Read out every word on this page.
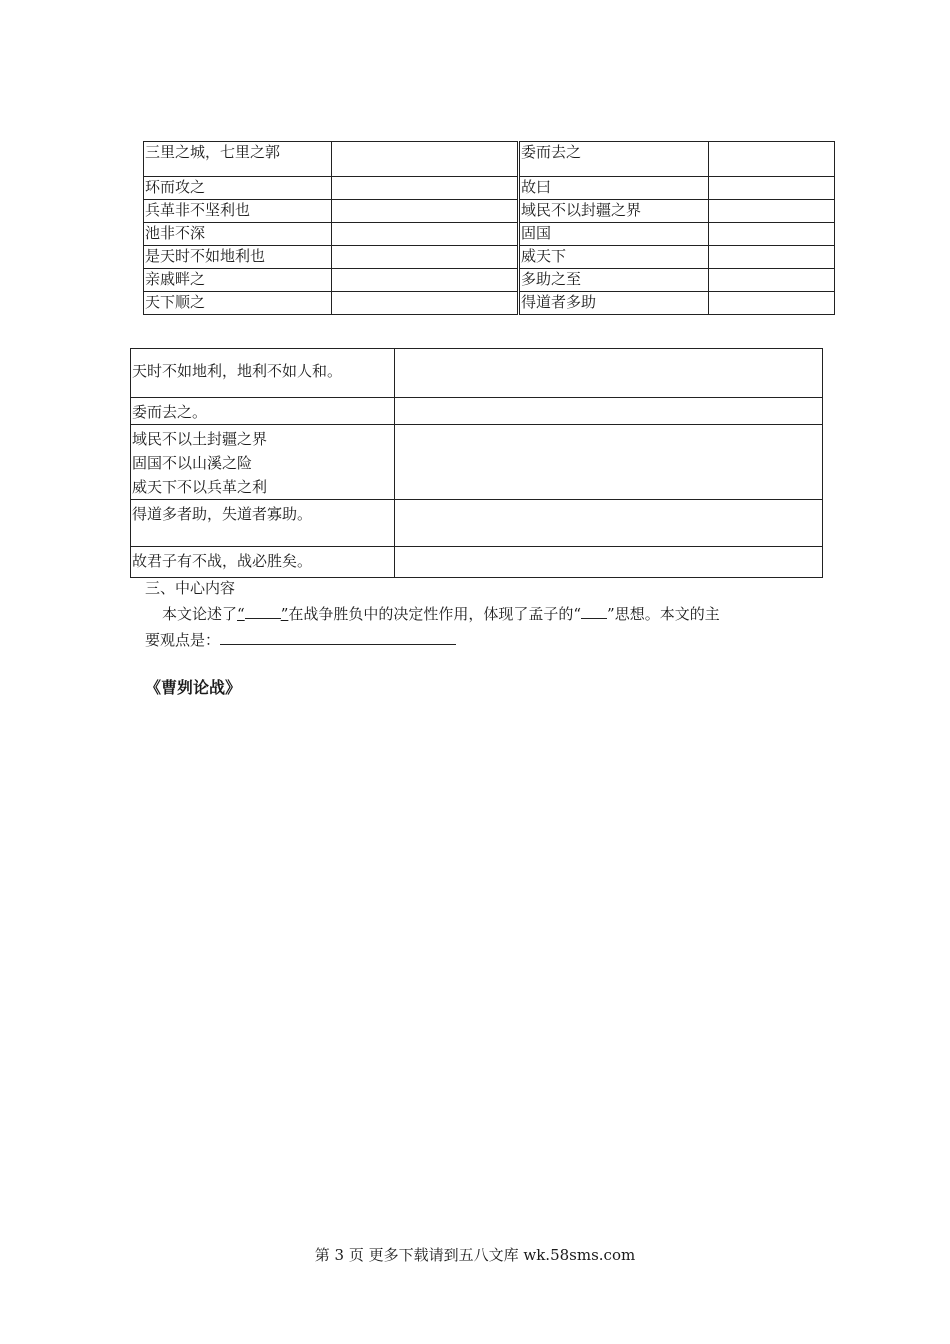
三里之城，七里之郭		委而去之	
环而攻之		故曰	
兵革非不坚利也		域民不以封疆之界	
池非不深		固国	
是天时不如地利也		威天下	
亲戚畔之		多助之至	
天下顺之		得道者多助	
天时不如地利，地利不如人和。	

委而去之。	

域民不以土封疆之界
固国不以山溪之险
威天下不以兵革之利	

得道多者助，失道者寡助。	

故君子有不战，战必胜矣。	

三、中心内容
本文论述了“ ”在战争胜负中的决定性作用，体现了孟子的“ ”思想。本文的主
要观点是：
《曹刿论战》
第 3 页 更多下载请到五八文库 wk.58sms.com
